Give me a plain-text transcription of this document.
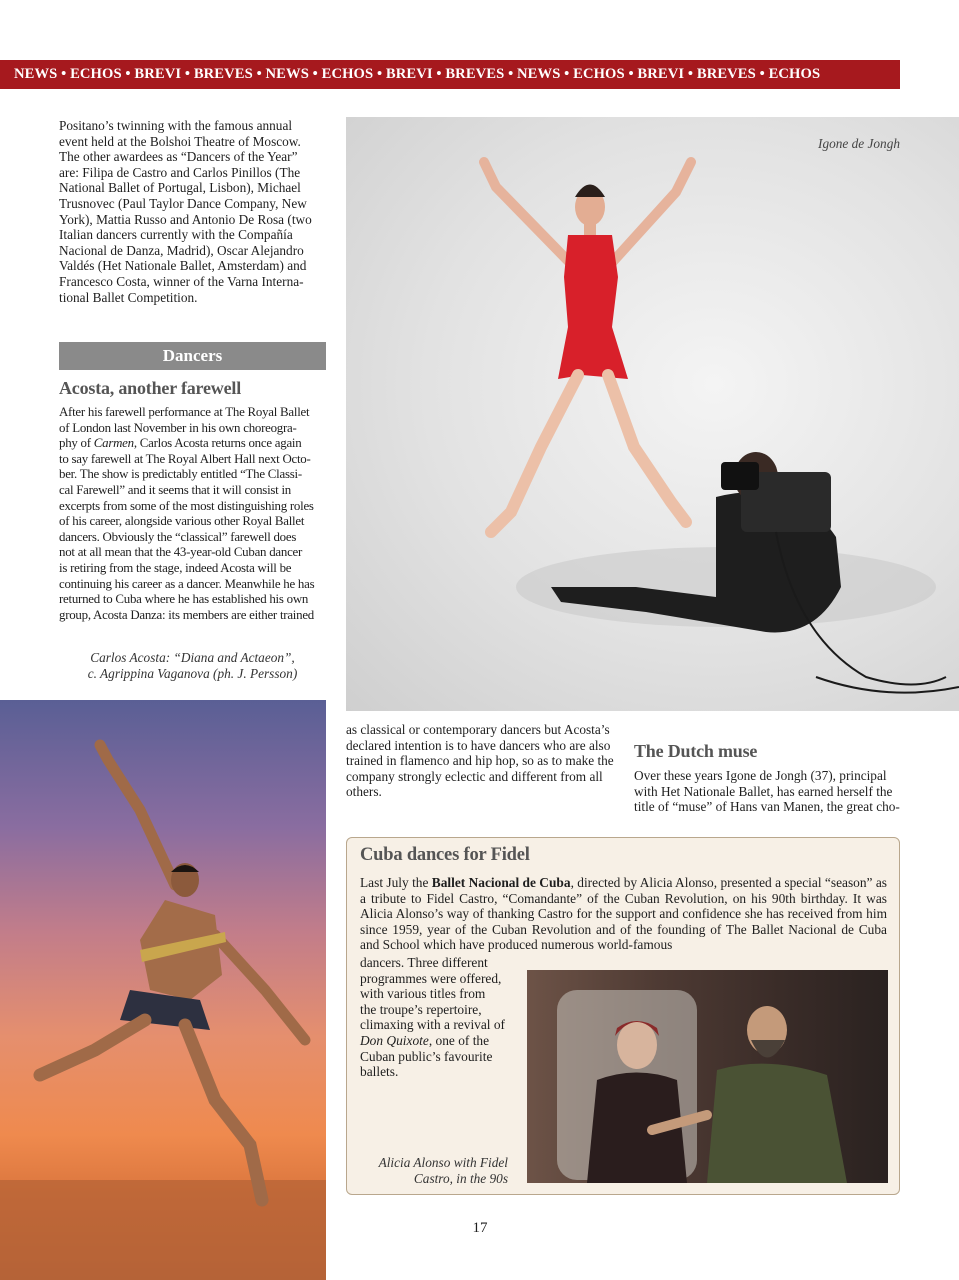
NEWS • ECHOS • BREVI • BREVES • NEWS • ECHOS • BREVI • BREVES • NEWS • ECHOS • BREVI • BREVES • ECHOS
Positano’s twinning with the famous annual
event held at the Bolshoi Theatre of Moscow.
The other awardees as “Dancers of the Year”
are: Filipa de Castro and Carlos Pinillos (The
National Ballet of Portugal, Lisbon), Michael
Trusnovec (Paul Taylor Dance Company, New
York), Mattia Russo and Antonio De Rosa (two
Italian dancers currently with the Compañía
Nacional de Danza, Madrid), Oscar Alejandro
Valdés (Het Nationale Ballet, Amsterdam) and
Francesco Costa, winner of the Varna Interna-
tional Ballet Competition.
Dancers
Acosta, another farewell
After his farewell performance at The Royal Ballet
of London last November in his own choreogra-
phy of Carmen, Carlos Acosta returns once again
to say farewell at The Royal Albert Hall next Octo-
ber. The show is predictably entitled “The Classi-
cal Farewell” and it seems that it will consist in
excerpts from some of the most distinguishing roles
of his career, alongside various other Royal Ballet
dancers. Obviously the “classical” farewell does
not at all mean that the 43-year-old Cuban dancer
is retiring from the stage, indeed Acosta will be
continuing his career as a dancer. Meanwhile he has
returned to Cuba where he has established his own
group, Acosta Danza: its members are either trained
Carlos Acosta: “Diana and Actaeon”,
c. Agrippina Vaganova (ph. J. Persson)
Igone de Jongh
as classical or contemporary dancers but Acosta’s
declared intention is to have dancers who are also
trained in flamenco and hip hop, so as to make the
company strongly eclectic and different from all
others.
The Dutch muse
Over these years Igone de Jongh (37), principal
with Het Nationale Ballet, has earned herself the
title of “muse” of Hans van Manen, the great cho-
Cuba dances for Fidel
Last July the Ballet Nacional de Cuba, directed by Alicia Alonso, presented a special “season” as a tribute to Fidel Castro, “Comandante” of the Cuban Revolution, on his 90th birthday. It was Alicia Alonso’s way of thanking Castro for the support and confidence she has received from him since 1959, year of the Cuban Revolution and of the founding of The Ballet Nacional de Cuba and School which have produced numerous world-famous
dancers. Three different
programmes were offered,
with various titles from
the troupe’s repertoire,
climaxing with a revival of
Don Quixote, one of the
Cuban public’s favourite
ballets.
Alicia Alonso with Fidel
Castro, in the 90s
17
